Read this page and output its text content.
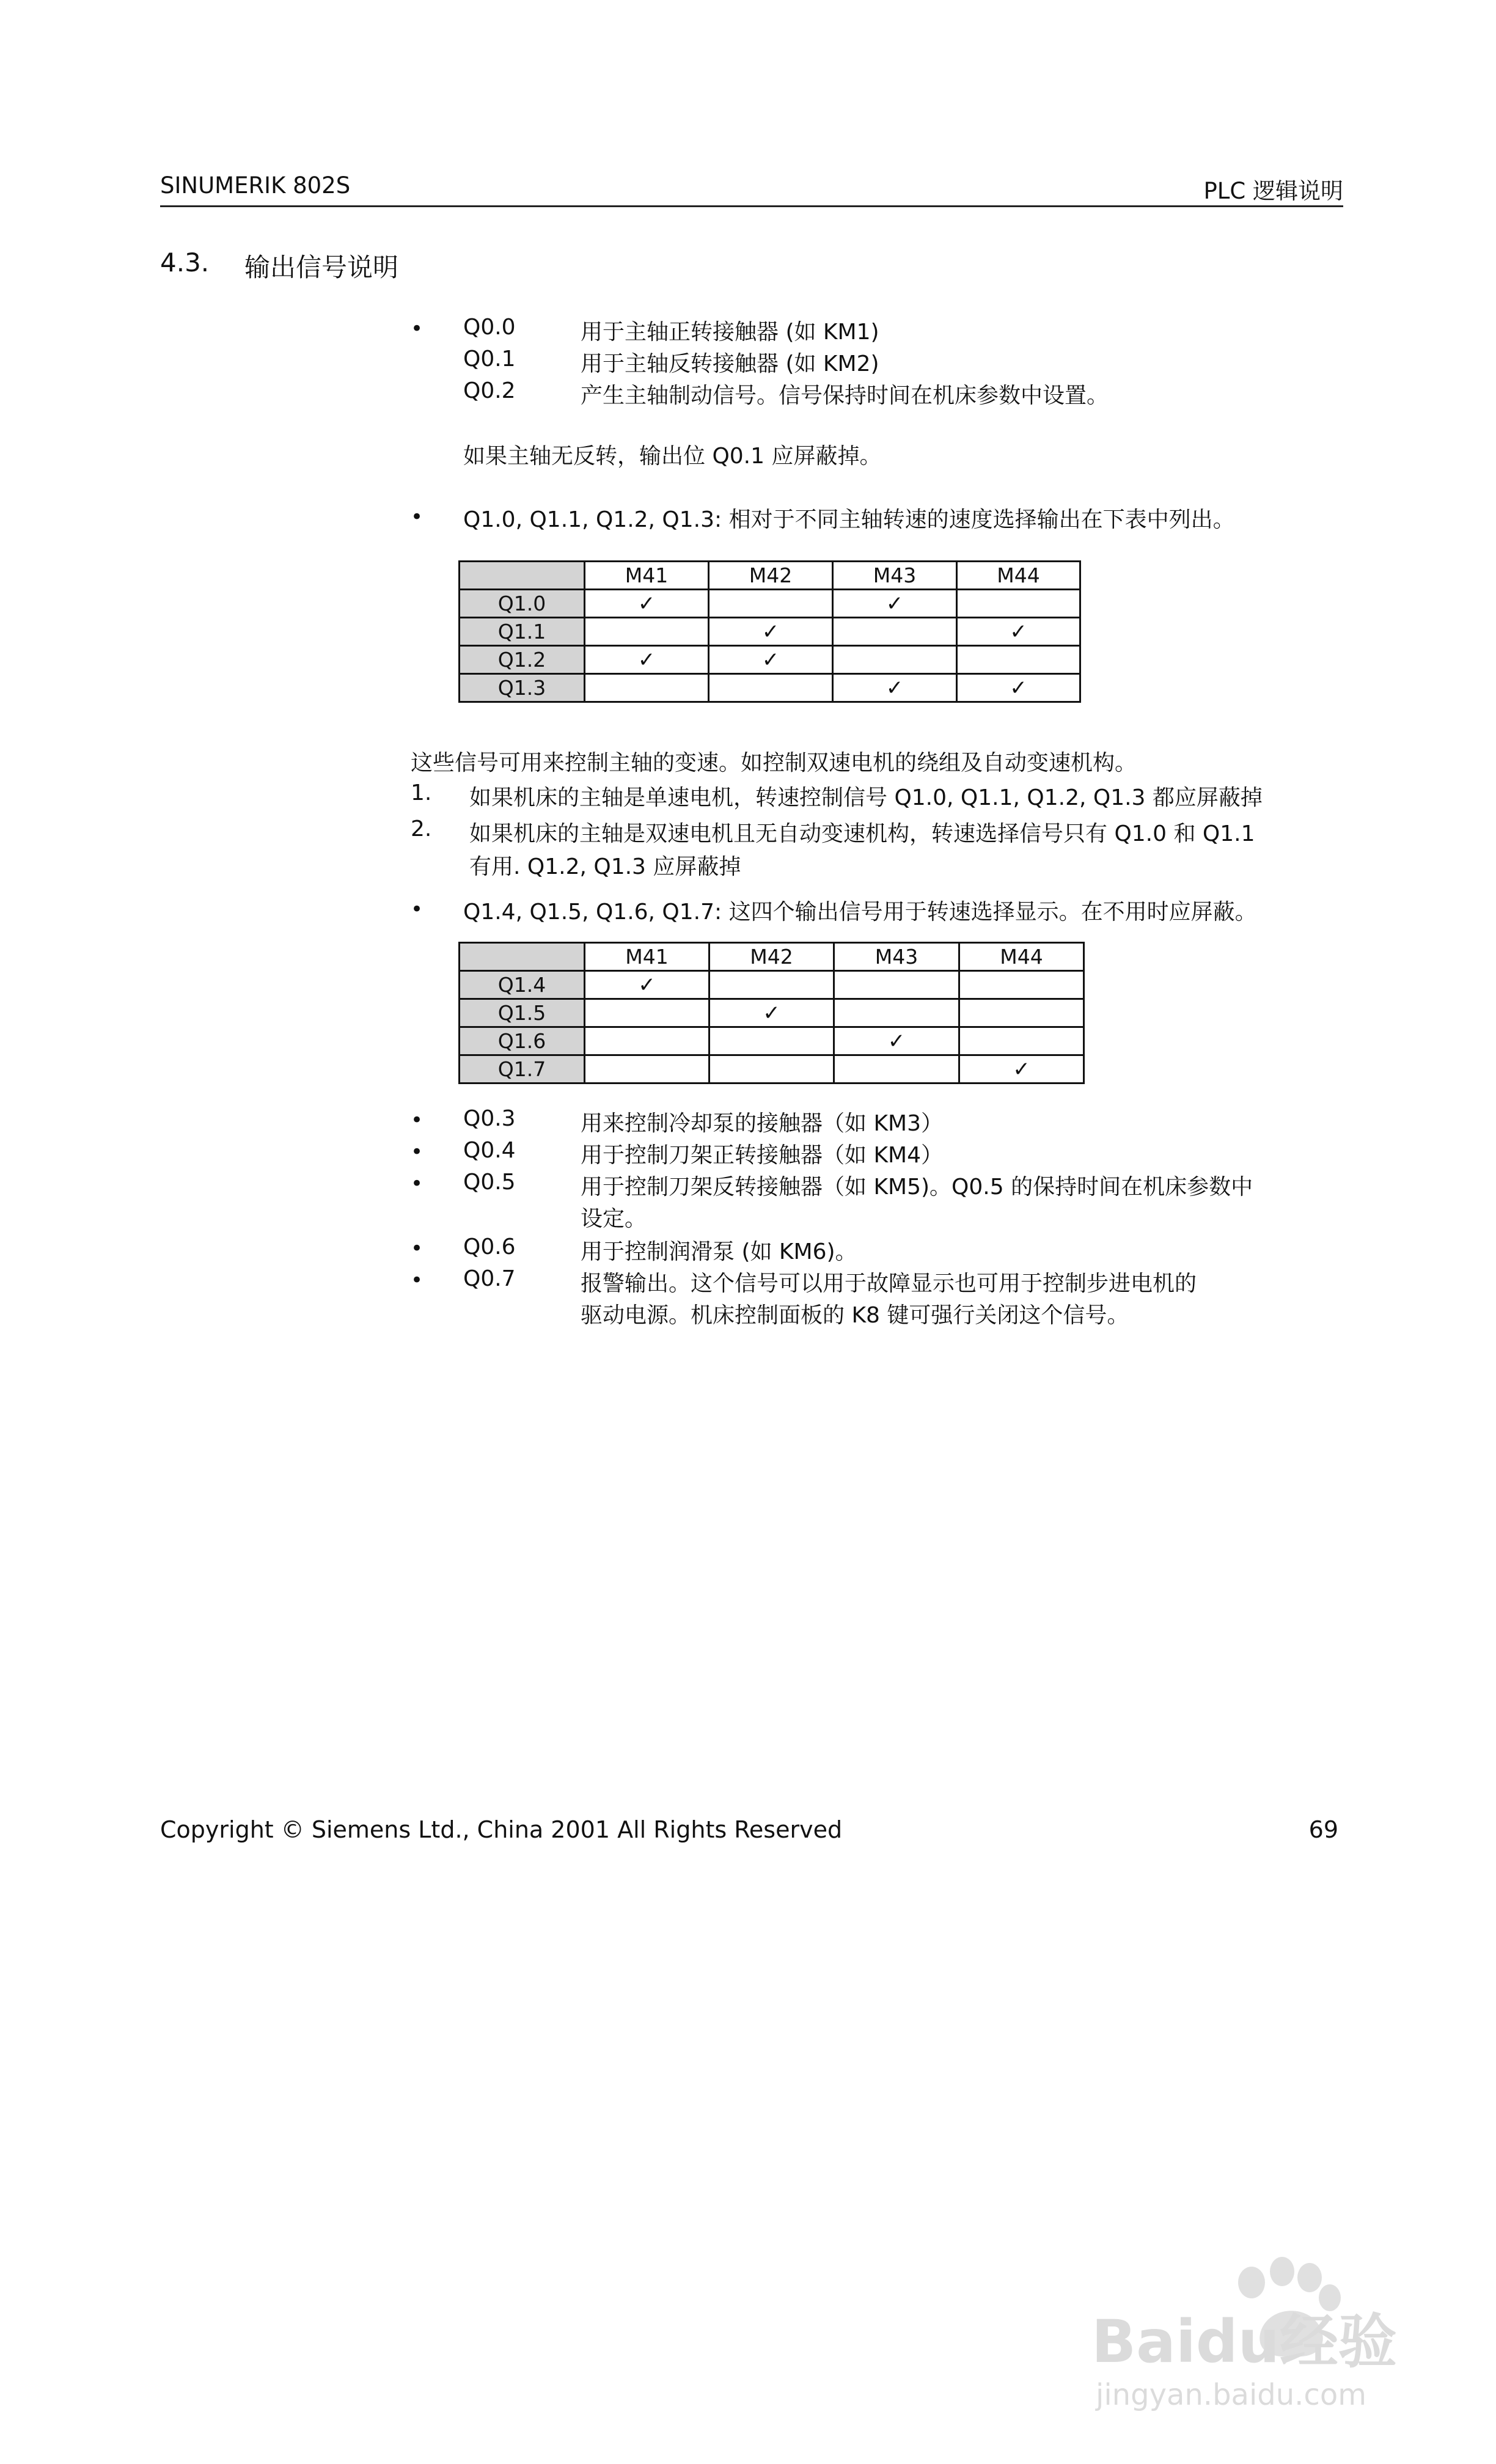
SINUMERIK 802S	PLC 逻辑说明
4.3. 输出信号说明
• Q0.0	用于主轴正转接触器 (如 KM1)
Q0.1	用于主轴反转接触器 (如 KM2)
Q0.2	产生主轴制动信号。信号保持时间在机床参数中设置。
如果主轴无反转，输出位 Q0.1 应屏蔽掉。
• Q1.0, Q1.1, Q1.2, Q1.3: 相对于不同主轴转速的速度选择输出在下表中列出。
	M41	M42	M43	M44
Q1.0	✓		✓	
Q1.1		✓		✓
Q1.2	✓	✓		
Q1.3			✓	✓
这些信号可用来控制主轴的变速。如控制双速电机的绕组及自动变速机构。
1. 如果机床的主轴是单速电机，转速控制信号 Q1.0, Q1.1, Q1.2, Q1.3 都应屏蔽掉
2. 如果机床的主轴是双速电机且无自动变速机构，转速选择信号只有 Q1.0 和 Q1.1
有用. Q1.2, Q1.3 应屏蔽掉
• Q1.4, Q1.5, Q1.6, Q1.7: 这四个输出信号用于转速选择显示。在不用时应屏蔽。
	M41	M42	M43	M44
Q1.4	✓			
Q1.5		✓		
Q1.6			✓	
Q1.7				✓
• Q0.3	用来控制冷却泵的接触器（如 KM3）
• Q0.4	用于控制刀架正转接触器（如 KM4）
• Q0.5	用于控制刀架反转接触器（如 KM5)。Q0.5 的保持时间在机床参数中
设定。
• Q0.6	用于控制润滑泵 (如 KM6)。
• Q0.7	报警输出。这个信号可以用于故障显示也可用于控制步进电机的
驱动电源。机床控制面板的 K8 键可强行关闭这个信号。
Copyright © Siemens Ltd., China 2001 All Rights Reserved	69
Baidu经验
jingyan.baidu.com
